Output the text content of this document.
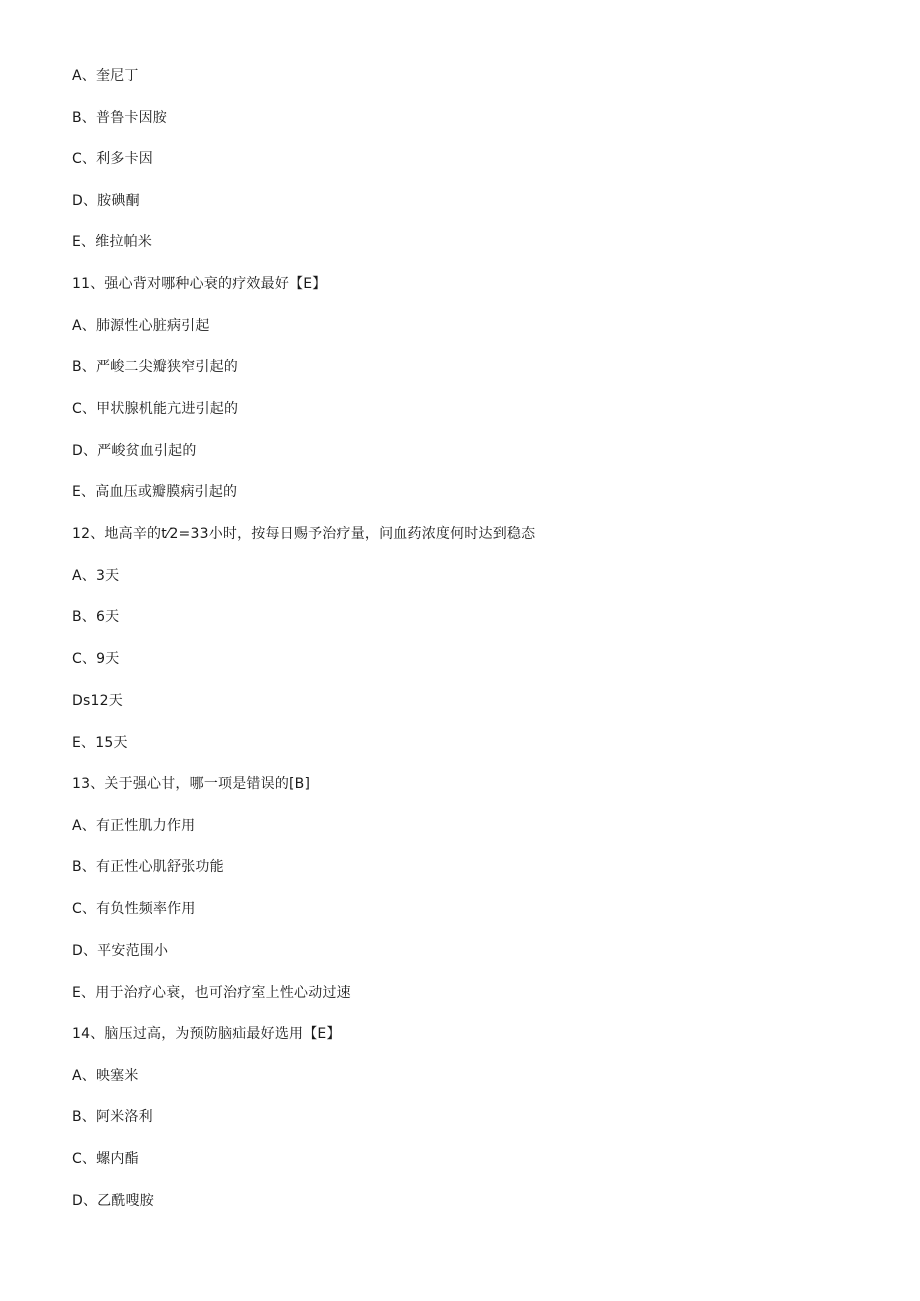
A、奎尼丁
B、普鲁卡因胺
C、利多卡因
D、胺碘酮
E、维拉帕米
11、强心背对哪种心衰的疗效最好【E】
A、肺源性心脏病引起
B、严峻二尖瓣狭窄引起的
C、甲状腺机能亢进引起的
D、严峻贫血引起的
E、高血压或瓣膜病引起的
12、地高辛的t⁄2=33小时，按每日赐予治疗量，问血药浓度何时达到稳态
A、3天
B、6天
C、9天
Ds12天
E、15天
13、关于强心甘，哪一项是错误的[B]
A、有正性肌力作用
B、有正性心肌舒张功能
C、有负性频率作用
D、平安范围小
E、用于治疗心衰，也可治疗室上性心动过速
14、脑压过高，为预防脑疝最好选用【E】
A、映塞米
B、阿米洛利
C、螺内酯
D、乙酰嗖胺
